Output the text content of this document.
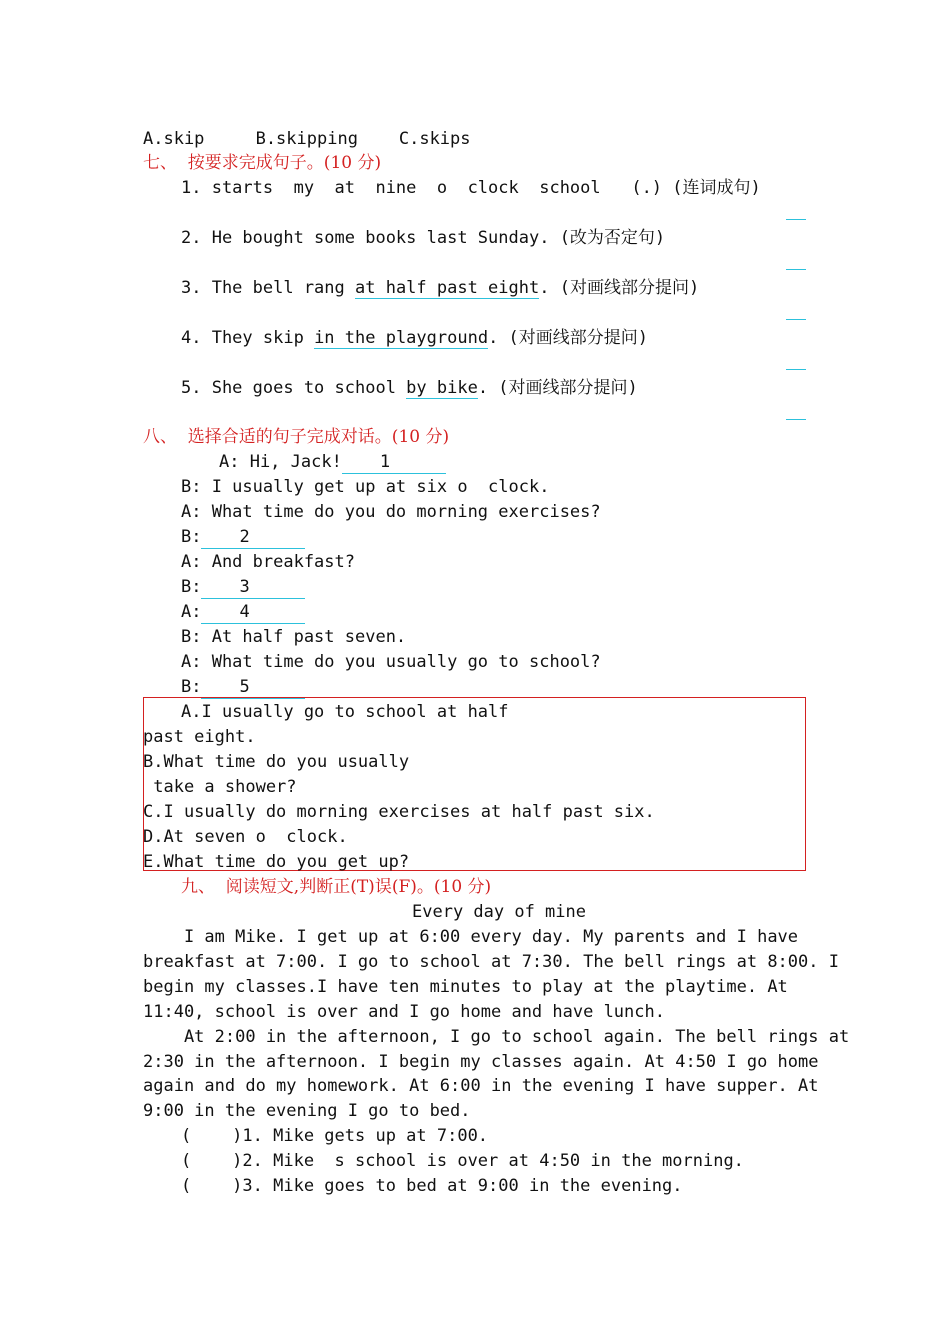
A.skip     B.skipping    C.skips
七、  按要求完成句子。(10 分)
1. starts  my  at  nine  o  clock  school   (.) (连词成句)
2. He bought some books last Sunday. (改为否定句)
3. The bell rang at half past eight. (对画线部分提问)
4. They skip in the playground. (对画线部分提问)
5. She goes to school by bike. (对画线部分提问)
八、  选择合适的句子完成对话。(10 分)
A: Hi, Jack! 1
B: I usually get up at six o  clock.
A: What time do you do morning exercises?
B: 2
A: And breakfast?
B: 3
A: 4
B: At half past seven.
A: What time do you usually go to school?
B: 5
A.I usually go to school at half
past eight.
B.What time do you usually
take a shower?
C.I usually do morning exercises at half past six.
D.At seven o  clock.
E.What time do you get up?
九、  阅读短文,判断正(T)误(F)。(10 分)
Every day of mine
I am Mike. I get up at 6:00 every day. My parents and I have
breakfast at 7:00. I go to school at 7:30. The bell rings at 8:00. I
begin my classes.I have ten minutes to play at the playtime. At
11:40, school is over and I go home and have lunch.
At 2:00 in the afternoon, I go to school again. The bell rings at
2:30 in the afternoon. I begin my classes again. At 4:50 I go home
again and do my homework. At 6:00 in the evening I have supper. At
9:00 in the evening I go to bed.
(    )1. Mike gets up at 7:00.
(    )2. Mike  s school is over at 4:50 in the morning.
(    )3. Mike goes to bed at 9:00 in the evening.
